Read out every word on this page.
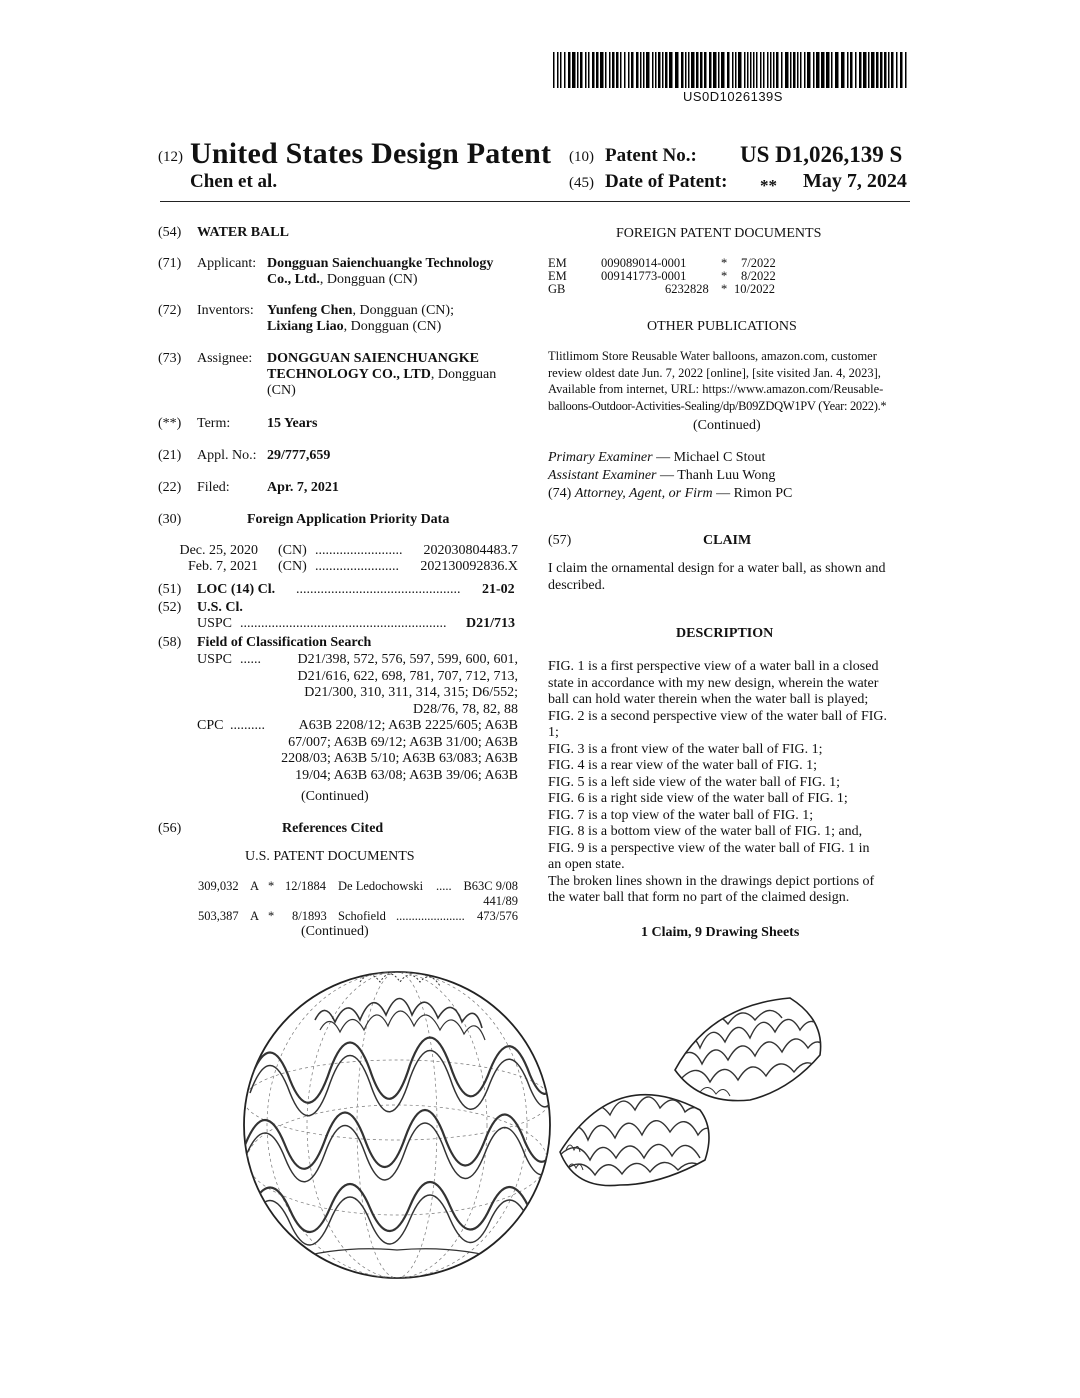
US0D1026139S
(12) United States Design Patent
Chen et al.
(10) Patent No.: US D1,026,139 S
(45) Date of Patent: ** May 7, 2024
(54) WATER BALL
(71) Applicant: Dongguan Saienchuangke Technology
Co., Ltd., Dongguan (CN)
(72) Inventors: Yunfeng Chen, Dongguan (CN);
Lixiang Liao, Dongguan (CN)
(73) Assignee: DONGGUAN SAIENCHUANGKE
TECHNOLOGY CO., LTD, Dongguan
(CN)
(**) Term:	15 Years
(21) Appl. No.: 29/777,659
(22) Filed:	Apr. 7, 2021
(30)	Foreign Application Priority Data
Dec. 25, 2020 (CN) ......................... 202030804483.7
Feb. 7, 2021 (CN) ........................ 202130092836.X
(51) LOC (14) Cl. ............................................... 21-02
(52) U.S. Cl.
USPC ........................................................... D21/713
(58) Field of Classification Search
USPC ......	D21/398, 572, 576, 597, 599, 600, 601,
D21/616, 622, 698, 781, 707, 712, 713,
D21/300, 310, 311, 314, 315; D6/552;
D28/76, 78, 82, 88
CPC ..........	A63B 2208/12; A63B 2225/605; A63B
67/007; A63B 69/12; A63B 31/00; A63B
2208/03; A63B 5/10; A63B 63/083; A63B
19/04; A63B 63/08; A63B 39/06; A63B
(Continued)
(56)	References Cited
U.S. PATENT DOCUMENTS
309,032 A * 12/1884 De Ledochowski ..... B63C 9/08
441/89
503,387 A * 8/1893 Schofield ...................... 473/576
(Continued)
FOREIGN PATENT DOCUMENTS
EM	009089014-0001	* 7/2022
EM	009141773-0001	* 8/2022
GB	6232828 * 10/2022
OTHER PUBLICATIONS
Tlitlimom Store Reusable Water balloons, amazon.com, customer
review oldest date Jun. 7, 2022 [online], [site visited Jan. 4, 2023],
Available from internet, URL: https://www.amazon.com/Reusable-
balloons-Outdoor-Activities-Sealing/dp/B09ZDQW1PV (Year: 2022).*
(Continued)
Primary Examiner — Michael C Stout
Assistant Examiner — Thanh Luu Wong
(74) Attorney, Agent, or Firm — Rimon PC
(57)	CLAIM
I claim the ornamental design for a water ball, as shown and
described.
DESCRIPTION
FIG. 1 is a first perspective view of a water ball in a closed
state in accordance with my new design, wherein the water
ball can hold water therein when the water ball is played;
FIG. 2 is a second perspective view of the water ball of FIG.
1;
FIG. 3 is a front view of the water ball of FIG. 1;
FIG. 4 is a rear view of the water ball of FIG. 1;
FIG. 5 is a left side view of the water ball of FIG. 1;
FIG. 6 is a right side view of the water ball of FIG. 1;
FIG. 7 is a top view of the water ball of FIG. 1;
FIG. 8 is a bottom view of the water ball of FIG. 1; and,
FIG. 9 is a perspective view of the water ball of FIG. 1 in
an open state.
The broken lines shown in the drawings depict portions of
the water ball that form no part of the claimed design.
1 Claim, 9 Drawing Sheets
